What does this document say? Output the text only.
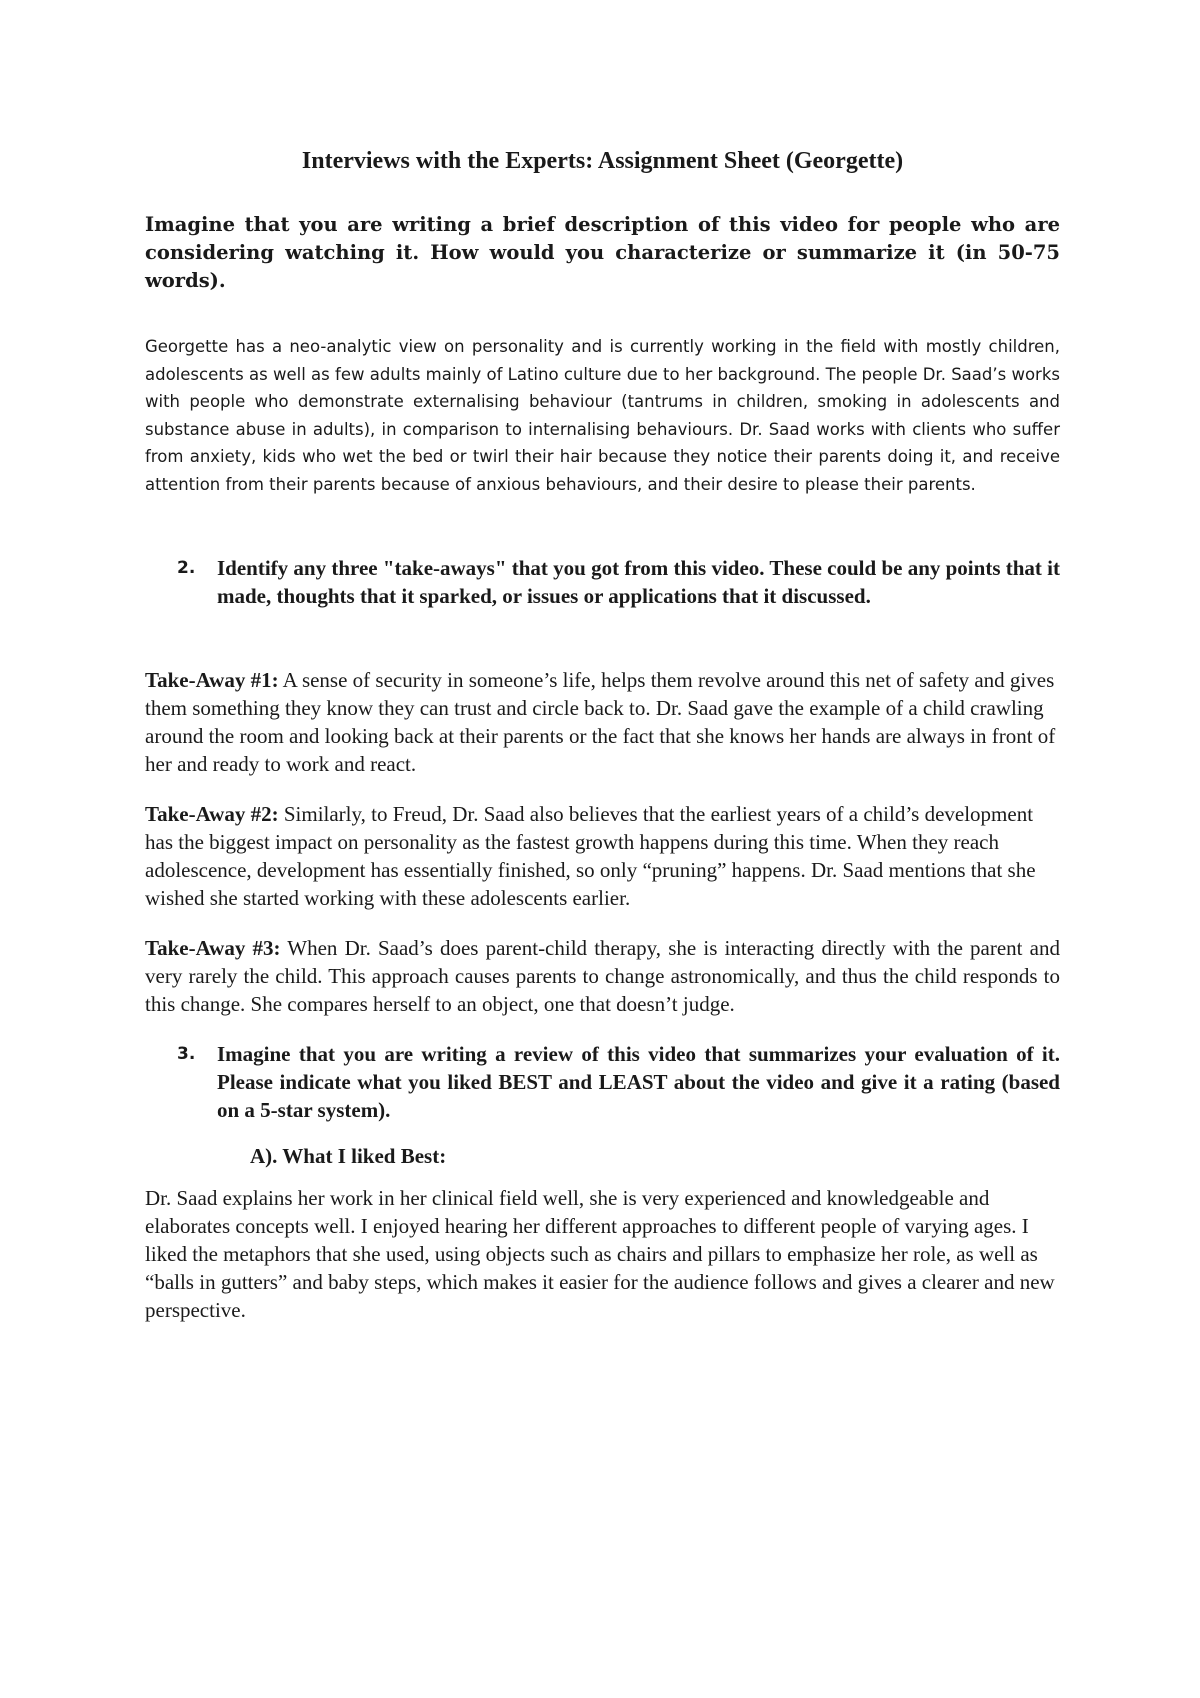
Interviews with the Experts: Assignment Sheet (Georgette)
Imagine that you are writing a brief description of this video for people who are considering watching it. How would you characterize or summarize it (in 50-75 words).
Georgette has a neo-analytic view on personality and is currently working in the field with mostly children, adolescents as well as few adults mainly of Latino culture due to her background. The people Dr. Saad’s works with people who demonstrate externalising behaviour (tantrums in children, smoking in adolescents and substance abuse in adults), in comparison to internalising behaviours. Dr. Saad works with clients who suffer from anxiety, kids who wet the bed or twirl their hair because they notice their parents doing it, and receive attention from their parents because of anxious behaviours, and their desire to please their parents.
2.	Identify any three "take-aways" that you got from this video. These could be any points that it made, thoughts that it sparked, or issues or applications that it discussed.
Take-Away #1: A sense of security in someone’s life, helps them revolve around this net of safety and gives them something they know they can trust and circle back to. Dr. Saad gave the example of a child crawling around the room and looking back at their parents or the fact that she knows her hands are always in front of her and ready to work and react.
Take-Away #2: Similarly, to Freud, Dr. Saad also believes that the earliest years of a child’s development has the biggest impact on personality as the fastest growth happens during this time. When they reach adolescence, development has essentially finished, so only “pruning” happens. Dr. Saad mentions that she wished she started working with these adolescents earlier.
Take-Away #3: When Dr. Saad’s does parent-child therapy, she is interacting directly with the parent and very rarely the child. This approach causes parents to change astronomically, and thus the child responds to this change. She compares herself to an object, one that doesn’t judge.
3.	Imagine that you are writing a review of this video that summarizes your evaluation of it. Please indicate what you liked BEST and LEAST about the video and give it a rating (based on a 5-star system).
A). What I liked Best:
Dr. Saad explains her work in her clinical field well, she is very experienced and knowledgeable and elaborates concepts well. I enjoyed hearing her different approaches to different people of varying ages. I liked the metaphors that she used, using objects such as chairs and pillars to emphasize her role, as well as “balls in gutters” and baby steps, which makes it easier for the audience follows and gives a clearer and new perspective.
